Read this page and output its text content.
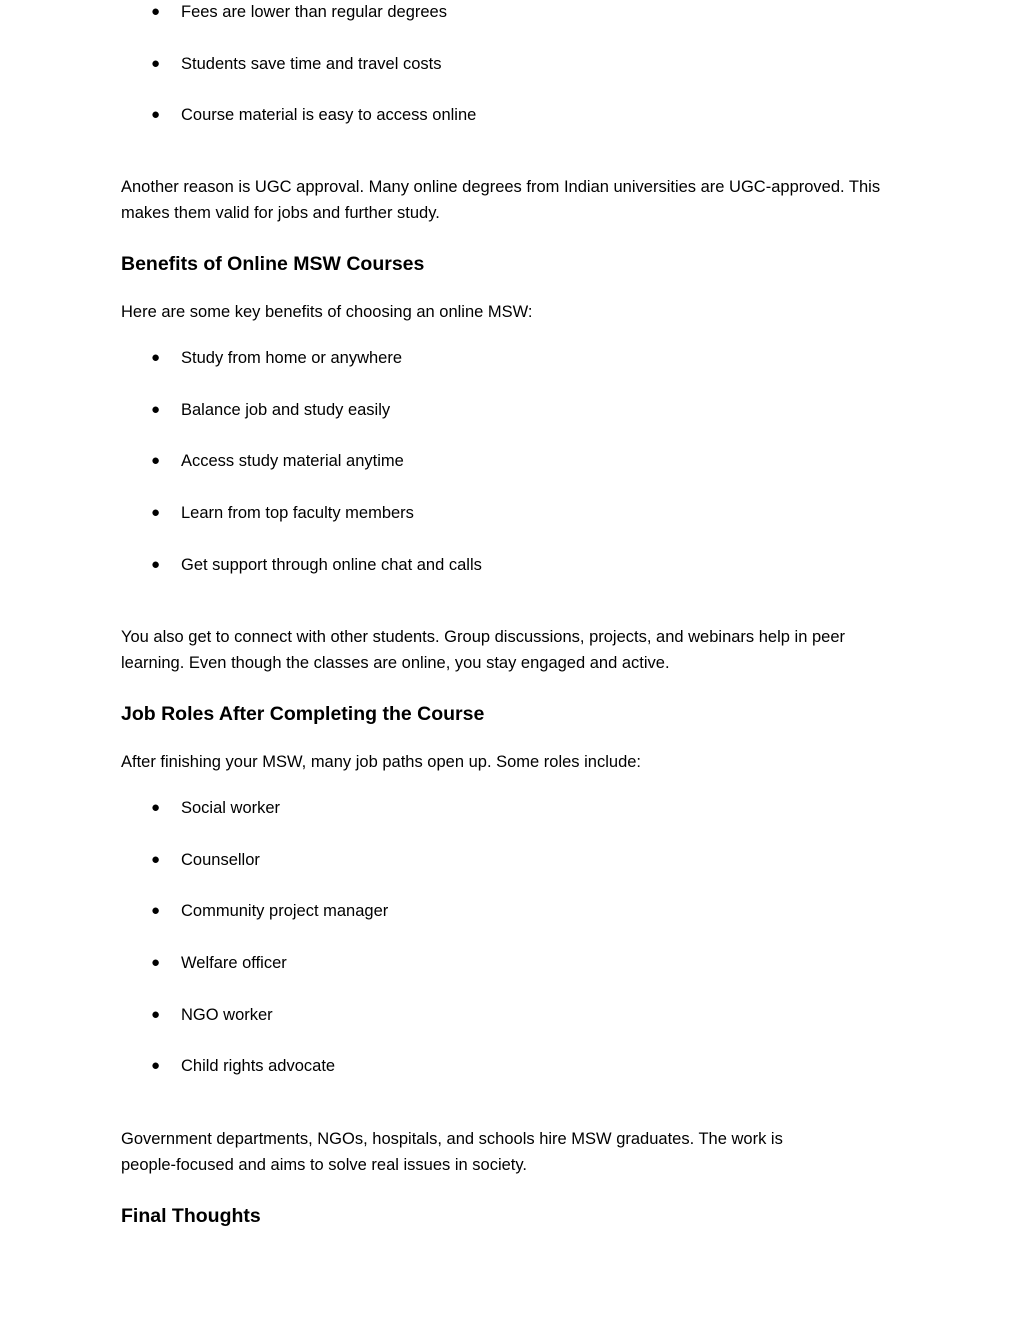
● Fees are lower than regular degrees
● Students save time and travel costs
● Course material is easy to access online

Another reason is UGC approval. Many online degrees from Indian universities are UGC-approved. This
makes them valid for jobs and further study.

Benefits of Online MSW Courses

Here are some key benefits of choosing an online MSW:

● Study from home or anywhere
● Balance job and study easily
● Access study material anytime
● Learn from top faculty members
● Get support through online chat and calls

You also get to connect with other students. Group discussions, projects, and webinars help in peer
learning. Even though the classes are online, you stay engaged and active.

Job Roles After Completing the Course

After finishing your MSW, many job paths open up. Some roles include:

● Social worker
● Counsellor
● Community project manager
● Welfare officer
● NGO worker
● Child rights advocate

Government departments, NGOs, hospitals, and schools hire MSW graduates. The work is
people-focused and aims to solve real issues in society.

Final Thoughts
